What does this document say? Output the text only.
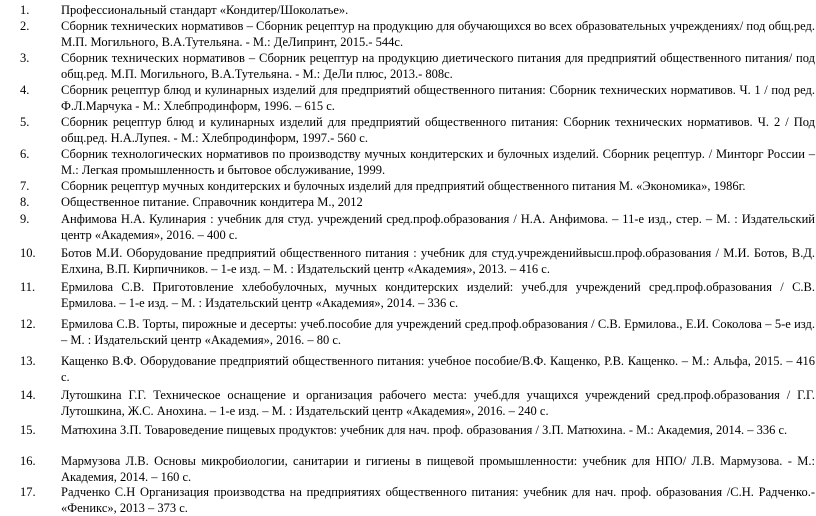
1.	Профессиональный стандарт «Кондитер/Шоколатье».
2.	Сборник технических нормативов – Сборник рецептур на продукцию для обучающихся во всех образовательных учреждениях/ под общ.ред. М.П. Могильного, В.А.Тутельяна. - М.: ДеЛипринт, 2015.- 544с.
3.	Сборник технических нормативов – Сборник рецептур на продукцию диетического питания для предприятий общественного питания/ под общ.ред. М.П. Могильного, В.А.Тутельяна. - М.: ДеЛи плюс, 2013.- 808с.
4.	Сборник рецептур блюд и кулинарных изделий для предприятий общественного питания: Сборник технических нормативов. Ч. 1 / под ред. Ф.Л.Марчука - М.: Хлебпродинформ, 1996. – 615 с.
5.	Сборник рецептур блюд и кулинарных изделий для предприятий общественного питания: Сборник технических нормативов. Ч. 2 / Под общ.ред. Н.А.Лупея. - М.: Хлебпродинформ, 1997.- 560 с.
6.	Сборник технологических нормативов по производству мучных кондитерских и булочных изделий. Сборник рецептур. / Минторг России – М.: Легкая промышленность и бытовое обслуживание, 1999.
7.	Сборник рецептур мучных кондитерских и булочных изделий для предприятий общественного питания М. «Экономика», 1986г.
8.	Общественное питание. Справочник кондитера М., 2012
9.	Анфимова Н.А. Кулинария : учебник для студ. учреждений сред.проф.образования / Н.А. Анфимова. – 11-е изд., стер. – М. : Издательский центр «Академия», 2016. – 400 с.
10. Ботов М.И. Оборудование предприятий общественного питания : учебник для студ.учрежденийвысш.проф.образования / М.И. Ботов, В.Д. Елхина, В.П. Кирпичников. – 1-е изд. – М. : Издательский центр «Академия», 2013. – 416 с.
11. Ермилова С.В. Приготовление хлебобулочных, мучных кондитерских изделий: учеб.для учреждений сред.проф.образования / С.В. Ермилова. – 1-е изд. – М. : Издательский центр «Академия», 2014. – 336 с.
12. Ермилова С.В. Торты, пирожные и десерты: учеб.пособие для учреждений сред.проф.образования / С.В. Ермилова., Е.И. Соколова – 5-е изд. – М. : Издательский центр «Академия», 2016. – 80 с.
13. Кащенко В.Ф. Оборудование предприятий общественного питания: учебное пособие/В.Ф. Кащенко, Р.В. Кащенко. – М.: Альфа, 2015. – 416 с.
14. Лутошкина Г.Г. Техническое оснащение и организация рабочего места: учеб.для учащихся учреждений сред.проф.образования / Г.Г. Лутошкина, Ж.С. Анохина. – 1-е изд. – М. : Издательский центр «Академия», 2016. – 240 с.
15. Матюхина З.П. Товароведение пищевых продуктов: учебник для нач. проф. образования / З.П. Матюхина. - М.: Академия, 2014. – 336 с.
16. Мармузова Л.В. Основы микробиологии, санитарии и гигиены в пищевой промышленности: учебник для НПО/ Л.В. Мармузова. - М.: Академия, 2014. – 160 с.
17. Радченко С.Н Организация производства на предприятиях общественного питания: учебник для нач. проф. образования /С.Н. Радченко.- «Феникс», 2013 – 373 с.
